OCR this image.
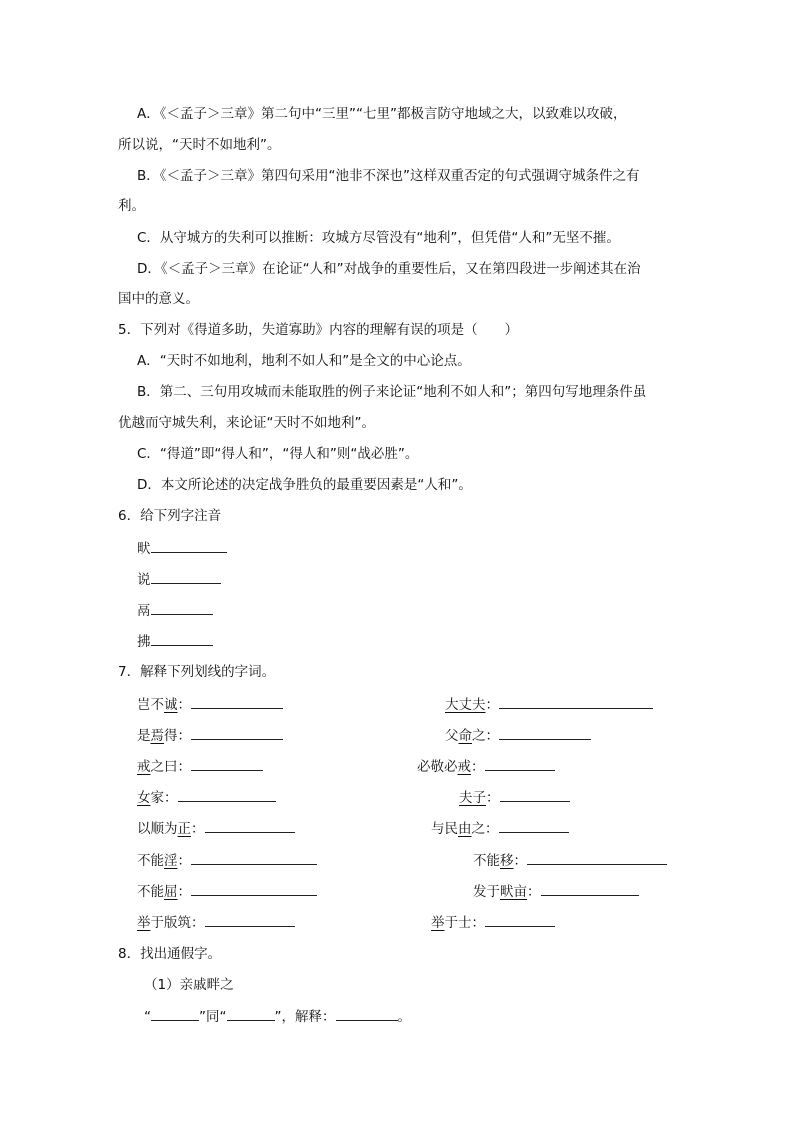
A．《＜孟子＞三章》第二句中“三里”“七里”都极言防守地域之大，以致难以攻破，
所以说，“天时不如地利”。
B．《＜孟子＞三章》第四句采用“池非不深也”这样双重否定的句式强调守城条件之有
利。
C．从守城方的失利可以推断：攻城方尽管没有“地利”，但凭借“人和”无坚不摧。
D．《＜孟子＞三章》在论证“人和”对战争的重要性后，又在第四段进一步阐述其在治
国中的意义。
5．下列对《得道多助，失道寡助》内容的理解有误的项是（　　）
A．“天时不如地利，地利不如人和”是全文的中心论点。
B．第二、三句用攻城而未能取胜的例子来论证“地利不如人和”；第四句写地理条件虽
优越而守城失利，来论证“天时不如地利”。
C．“得道”即“得人和”，“得人和”则“战必胜”。
D．本文所论述的决定战争胜负的最重要因素是“人和”。
6．给下列字注音
畎
说
鬲
拂
7．解释下列划线的字词。
岂不诚：	大丈夫：
是焉得：	父命之：
戒之曰：	必敬必戒：
女家：	夫子：
以顺为正：	与民由之：
不能淫：	不能移：
不能屈：	发于畎亩：
举于版筑：	举于士：
8．找出通假字。
（1）亲戚畔之
“	”同“	”，解释：	。
